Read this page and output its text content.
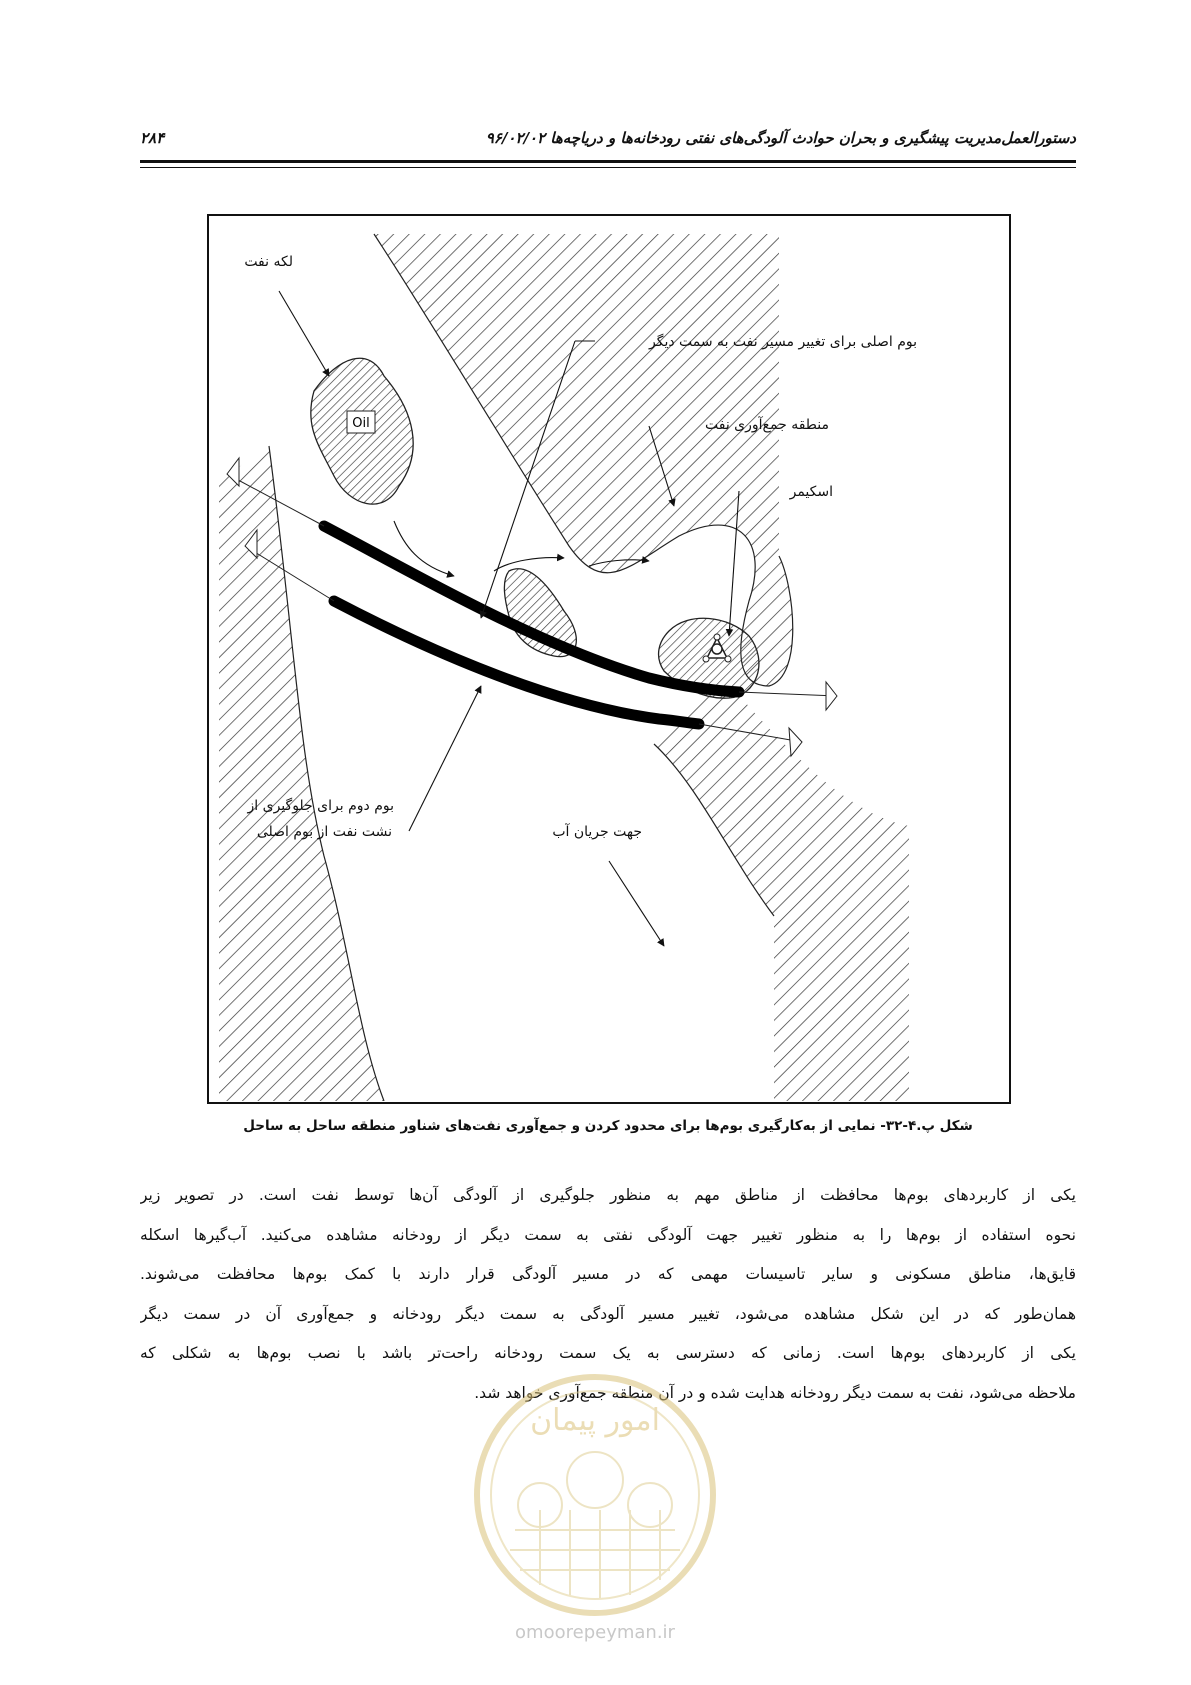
دستورالعمل‌مدیریت پیشگیری و بحران حوادث آلودگی‌های نفتی رودخانه‌ها و دریاچه‌ها ۹۶/۰۲/۰۲
۲۸۴
Oil
لکه نفت
بوم اصلی برای تغییر مسیر نفت به سمت دیگر
منطقه جمع‌آوری نفت
اسکیمر
بوم دوم برای جلوگیری از
نشت نفت از بوم اصلی	جهت جریان آب
شکل پ.۴-۳۲- نمایی از به‌کارگیری بوم‌ها برای محدود کردن و جمع‌آوری نفت‌های شناور منطقه ساحل به ساحل
یکی از کاربردهای بوم‌ها محافظت از مناطق مهم به منظور جلوگیری از آلودگی آن‌ها توسط نفت است. در تصویر زیر
نحوه استفاده از بوم‌ها را به منظور تغییر جهت آلودگی نفتی به سمت دیگر از رودخانه مشاهده می‌کنید. آب‌گیرها اسکله
قایق‌ها، مناطق مسکونی و سایر تاسیسات مهمی که در مسیر آلودگی قرار دارند با کمک بوم‌ها محافظت می‌شوند.
همان‌طور که در این شکل مشاهده می‌شود، تغییر مسیر آلودگی به سمت دیگر رودخانه و جمع‌آوری آن در سمت دیگر
یکی از کاربردهای بوم‌ها است. زمانی که دسترسی به یک سمت رودخانه راحت‌تر باشد با نصب بوم‌ها به شکلی که
ملاحظه می‌شود، نفت به سمت دیگر رودخانه هدایت شده و در آن منطقه جمع‌آوری خواهد شد.
امور پیمان
omoorepeyman.ir
